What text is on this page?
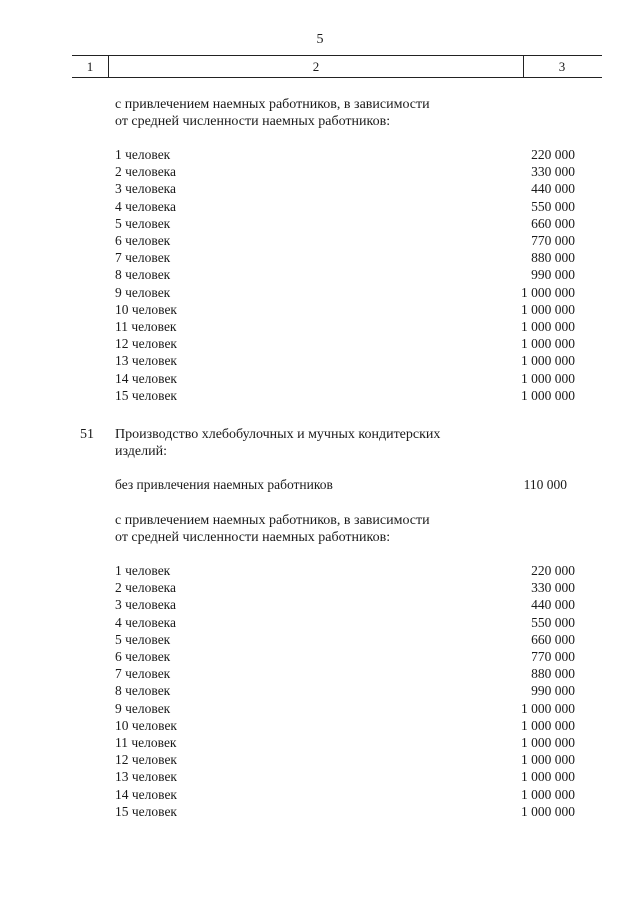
5
1	2	3
с привлечением наемных работников, в зависимости
от средней численности наемных работников:
1 человек	220 000
2 человека	330 000
3 человека	440 000
4 человека	550 000
5 человек	660 000
6 человек	770 000
7 человек	880 000
8 человек	990 000
9 человек	1 000 000
10 человек	1 000 000
11 человек	1 000 000
12 человек	1 000 000
13 человек	1 000 000
14 человек	1 000 000
15 человек	1 000 000
51 Производство хлебобулочных и мучных кондитерских
изделий:
без привлечения наемных работников	110 000
с привлечением наемных работников, в зависимости
от средней численности наемных работников:
1 человек	220 000
2 человека	330 000
3 человека	440 000
4 человека	550 000
5 человек	660 000
6 человек	770 000
7 человек	880 000
8 человек	990 000
9 человек	1 000 000
10 человек	1 000 000
11 человек	1 000 000
12 человек	1 000 000
13 человек	1 000 000
14 человек	1 000 000
15 человек	1 000 000
